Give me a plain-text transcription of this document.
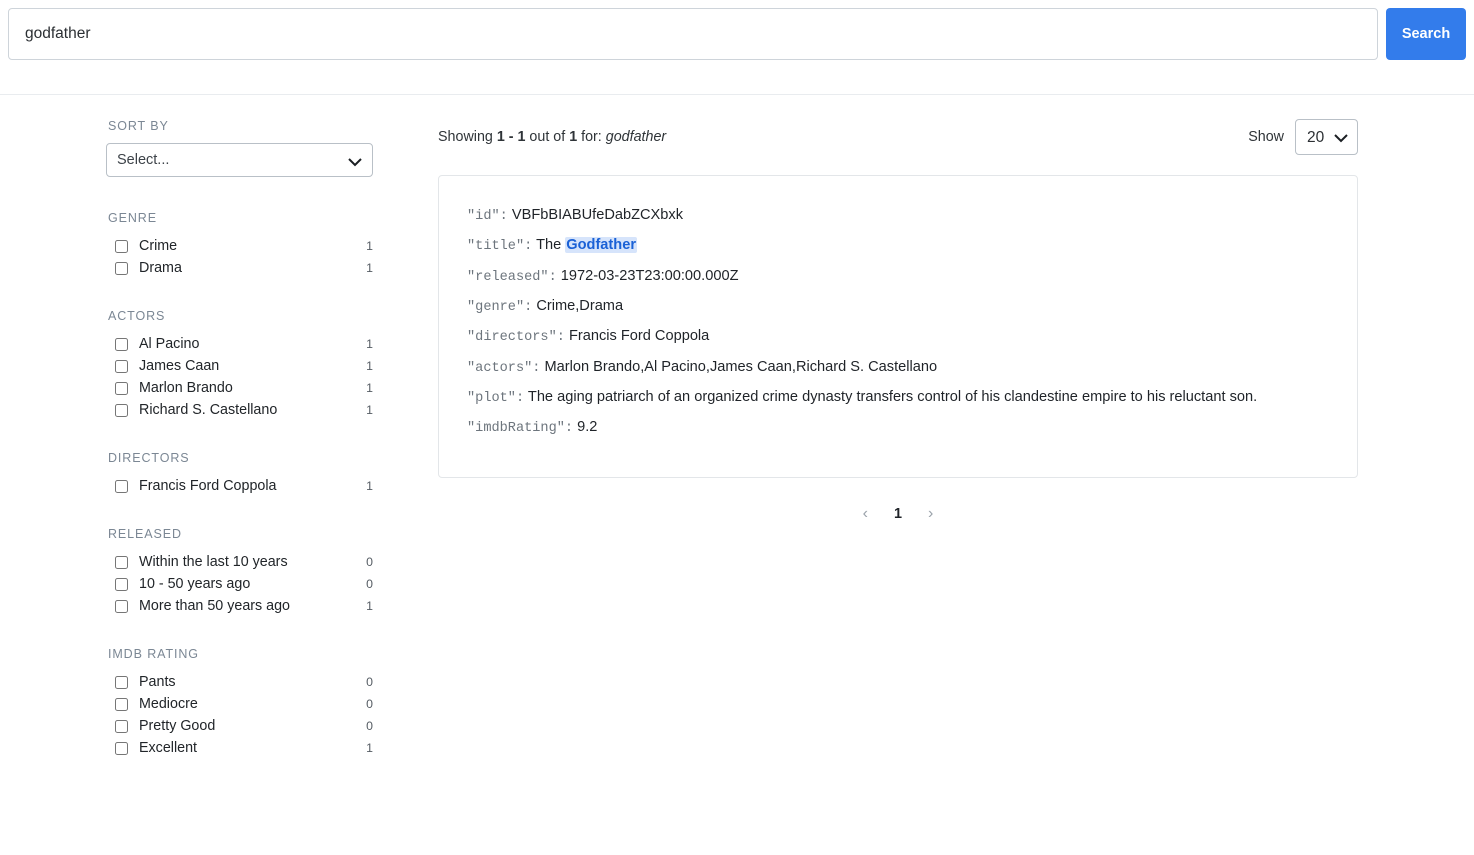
godfather
Search
SORT BY
Select...
GENRE
Crime	1
Drama	1
ACTORS
Al Pacino	1
James Caan	1
Marlon Brando	1
Richard S. Castellano	1
DIRECTORS
Francis Ford Coppola	1
RELEASED
Within the last 10 years	0
10 - 50 years ago	0
More than 50 years ago	1
IMDB RATING
Pants	0
Mediocre	0
Pretty Good	0
Excellent	1
Showing 1 - 1 out of 1 for: godfather	Show
20

"id": VBFbBIABUfeDabZCXbxk

"title": The Godfather

"released": 1972-03-23T23:00:00.000Z

"genre": Crime,Drama

"directors": Francis Ford Coppola

"actors": Marlon Brando,Al Pacino,James Caan,Richard S. Castellano

"plot": The aging patriarch of an organized crime dynasty transfers control of his clandestine empire to his reluctant son.

"imdbRating": 9.2

‹	1	›
